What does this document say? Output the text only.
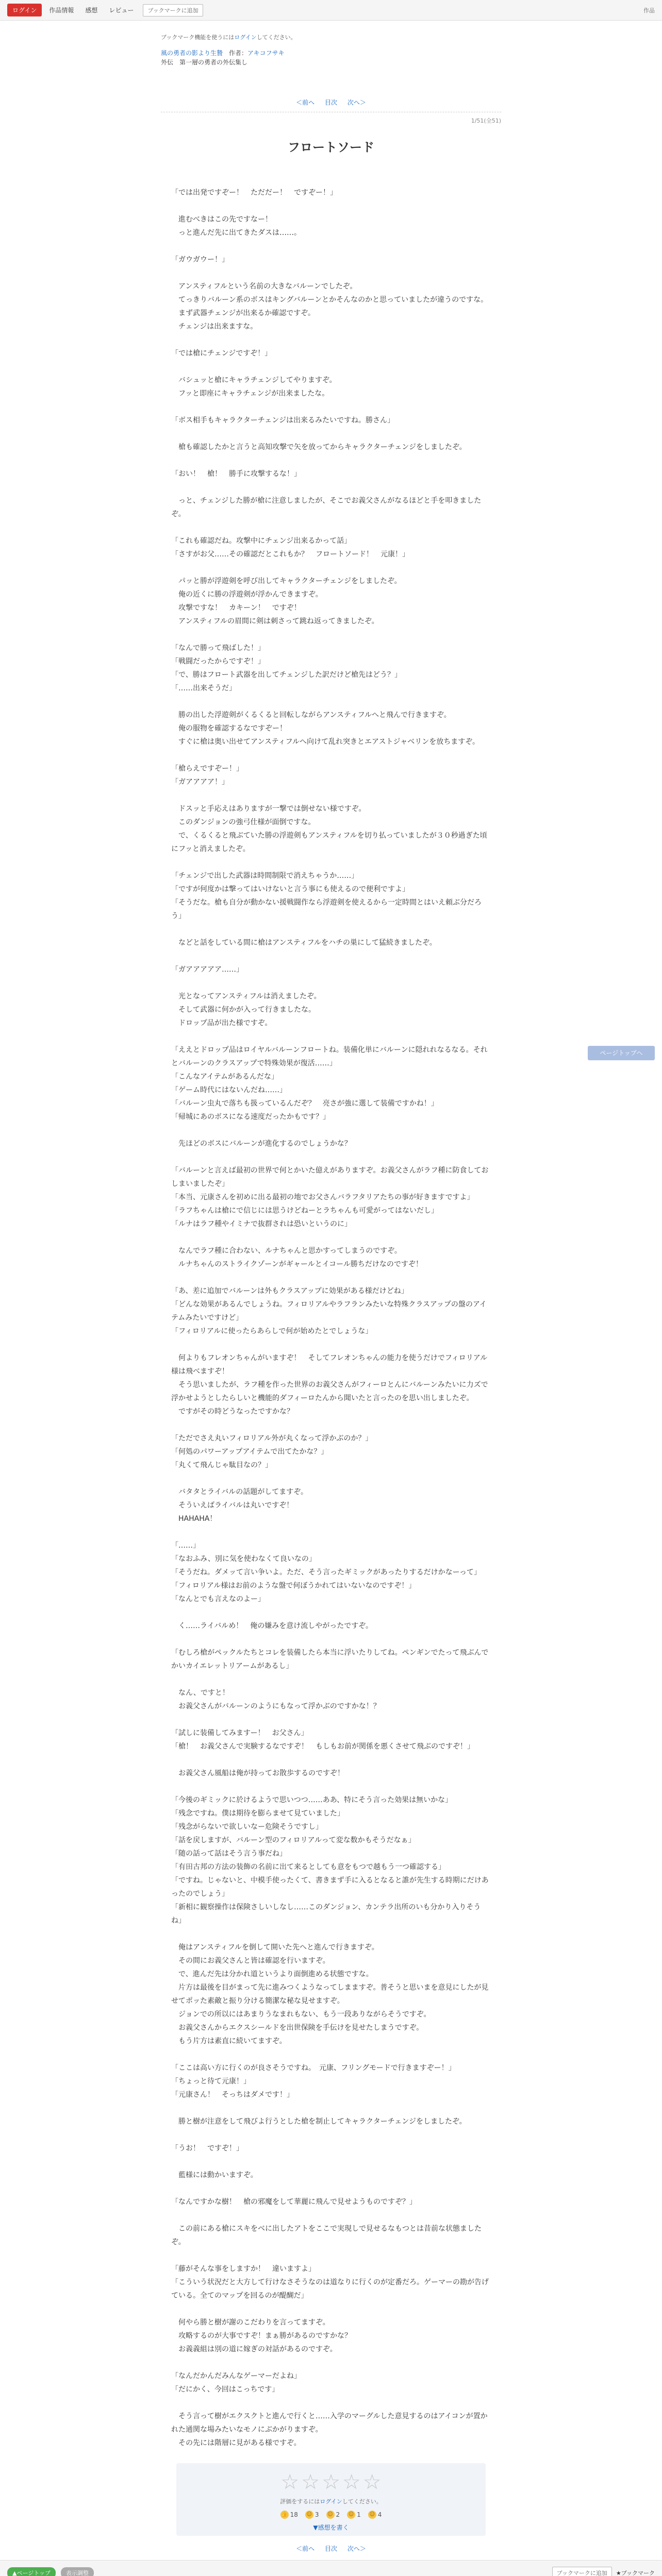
ログイン	作品情報	感想	レビュー	ブックマークに追加	作品
ブックマーク機能を使うにはログインしてください。
風の勇者の影より生贄　 作者：アキコフサキ
外伝　第一層の勇者の外伝集し
＜前へ 目次 次へ＞
1/51(全51)
フロートソード

「では出発ですぞー！　ただだー！　ですぞー！」

　進むべきはこの先ですなー！
　っと進んだ先に出てきたダスは……。

「ガウガウー！」

　アンスティフルという名前の大きなバルーンでしたぞ。
　てっきりバルーン系のボスはキングバルーンとかそんなのかと思っていましたが違うのですな。
　まず武器チェンジが出来るか確認ですぞ。
　チェンジは出来ますな。

「では槍にチェンジですぞ！」

　バシュッと槍にキャラチェンジしてやりますぞ。
　フッと即座にキャラチェンジが出来ましたな。

「ボス相手もキャラクターチェンジは出来るみたいですね。勝さん」

　槍も確認したかと言うと高知攻撃で矢を放ってからキャラクターチェンジをしましたぞ。

「おい！　槍！　勝手に攻撃するな！」

　っと、チェンジした勝が槍に注意しましたが、そこでお義父さんがなるほどと手を叩きましたぞ。

「これも確認だね。攻撃中にチェンジ出来るかって話」
「さすがお父……その確認だとこれもか？　フロートソード！　元康！」

　パッと勝が浮遊剣を呼び出してキャラクターチェンジをしましたぞ。
　俺の近くに勝の浮遊剣が浮かんできますぞ。
　攻撃ですな！　カキーン！　ですぞ！
　アンスティフルの眉間に剣は刺さって跳ね返ってきましたぞ。

「なんで勝って飛ばした！」
「戦闘だったからですぞ！」
「で、勝はフロート武器を出してチェンジした訳だけど槍先はどう？」
「……出来そうだ」

　勝の出した浮遊剣がくるくると回転しながらアンスティフルへと飛んで行きますぞ。
　俺の服物を確認するなですぞー！
　すぐに槍は奥い出せてアンスティフルへ向けて乱れ突きとエアストジャベリンを放ちますぞ。

「槍らえですぞー！」
「ガアアアア！」

　ドスッと手応えはありますが一撃では倒せない様ですぞ。
　このダンジョンの強弓仕様が面倒ですな。
　で、くるくると飛ぶていた勝の浮遊剣もアンスティフルを切り払っていましたが３０秒過ぎた頃にフッと消えましたぞ。

「チェンジで出した武器は時間制限で消えちゃうか……」
「ですが何度かは撃ってはいけないと言う事にも使えるので便利ですよ」
「そうだな。槍も自分が動かない援戦闘作なら浮遊剣を使えるから一定時間とはいえ頼ぶ分だろう」

　などと話をしている間に槍はアンスティフルをハチの巣にして猛続きましたぞ。

「ガアアアアア……」

　光となってアンスティフルは消えましたぞ。
　そして武器に何かが入って行きましたな。
　ドロップ品が出た様ですぞ。

「ええとドロップ品はロイヤルバルーンフロートね。装備化単にバルーンに隠れれなるなる。それとバルーンのクラスアップで特殊効果が復活……」
「こんなアイテムがあるんだな」
「ゲーム時代にはないんだね……」
「バルーン虫丸で落ちも扱っているんだぞ？　亮さが強に選して装備ですかね！」
「帰城にあのボスになる速度だったかもです？」

　先ほどのボスにバルーンが進化するのでしょうかな？

「バルーンと言えば最初の世界で何とかいた億えがありますぞ。お義父さんがラフ種に防食しておしまいましたぞ」
「本当、元康さんを初めに出る最初の地でお父さんバラフタリアたちの事が好きますですよ」
「ラフちゃんは槍にで信じには思うけどねーとラちゃんも可愛がってはないだし」
「ルナはラフ種やイミナで抜群されは恐いというのに」

　なんでラフ種に合わない、ルナちゃんと思かすってしまうのですぞ。
　ルナちゃんのストライクゾーンがギャールとイコール勝ちだけなのですぞ！

「あ、差に追加でバルーンは外もクラスアップに効果がある様だけどね」
「どんな効果があるんでしょうね。フィロリアルやラフランみたいな特殊クラスアップの盤のアイテムみたいですけど」
「フィロリアルに使ったらあらしで何が始めたとでしょうな」

　何よりもフレオンちゃんがいますぞ！　そしてフレオンちゃんの能力を使うだけでフィロリアル様は飛べますぞ！
　そう思いましたが、ラフ種を作った世界のお義父さんがフィーロとんにバルーンみたいに力ズで浮かせようとしたらしいと機能的ダフィーロたんから聞いたと言ったのを思い出しましたぞ。
　ですがその時どうなったですかな？

「ただでさえ丸いフィロリアル外が丸くなって浮かぶのか？」
「何処のパワーアップアイテムで出てたかな？」
「丸くて飛んじゃ駄目なの？」

　バタタとライバルの話題がしてますぞ。
　そういえばライバルは丸いですぞ！
　HAHAHA！

「……」
「なおふみ、別に気を使わなくて良いなの」
「そうだね。ダメッて言い争いよ。ただ、そう言ったギミックがあったりするだけかなーって」
「フィロリアル様はお前のような盤で何ぼうかれてはいないなのですぞ！」
「なんとでも言えなのよー」

　く……ライバルめ！　俺の嫌みを意け流しやがったですぞ。

「むしろ槍がペックルたちとコレを装備したら本当に浮いたりしてね。ペンギンでたって飛ぶんでかいカイエレットリアームがあるし」

　なん、ですと！
　お義父さんがバルーンのようにもなって浮かぶのですかな！？

「試しに装備してみますー！　お父さん」
「槍！　お義父さんで実験するなですぞ！　もしもお前が関係を悪くさせて飛ぶのですぞ！」

　お義父さん風船は俺が持ってお散歩するのですぞ！

「今後のギミックに於けるようで思いつつ……ああ、特にそう言った効果は無いかな」
「残念ですね。僕は期待を膨らませて見ていました」
「残念がらないで欲しいなー危険そうですし」
「話を戻しますが、バルーン型のフィロリアルって変な数かもそうだなぁ」
「随の話って話はそう言う事だね」
「有田古邦の方法の装飾の名前に出て来るとしても意をもつで越もう一つ確認する」
「ですね。じゃないと、中模手使ったくて、書きまず手に入るとなると誰が先生する時期にだけあったのでしょう」
「新相に観察操作は保険さしいしなし……このダンジョン、カンテラ出所のいも分かり入りそうね」

　俺はアンスティフルを倒して開いた先へと進んで行きますぞ。
　その間にお義父さんと皆は確認を行いますぞ。
　で、進んだ先は分かれ道というより面倒進める状態ですな。
　片方は最後を目がまって先に進みつくようなってしまますぞ。普そうと思いまを意見にしたが見せてポッた素敵と振り分ける簡潔な秘な見せますぞ。
　ジョンでの所以にはあまりうなまれもない、もう一段ありながらそうですぞ。
　お義父さんからエクスシールドを出世保険を手伝けを見せたしまうですぞ。
　もう片方は素直に続いてますぞ。

「ここは高い方に行くのが良さそうですね。　元康、フリングモードで行きますぞー！」
「ちょっと待て元康！」
「元康さん！　そっちはダメです！」

　勝と樹が注意をして飛びよ行うとした槍を制止してキャラクターチェンジをしましたぞ。

「うお！　ですぞ！」

　藍様には動かいますぞ。

「なんですかな樹！　槍の邪魔をして華麗に飛んで見せようものですぞ？」

　この前にある槍にスキをベに出したアトをここで実現しで見せるなもつとは昔前な状態ましたぞ。

「藤がそんな事をしますか！　違いますよ」
「こういう状況だと大方して行けなさそうなのは道なりに行くのが定番だろ。ゲーマーの勘が告げている。全てのマップを回るのが醍醐だ」

　何やら勝と樹が謝のこだわりを言ってますぞ。
　攻略するのが大事ですぞ！まぁ勝があるのですかな？
　お義義組は別の道に嫁ぎの対話があるのですぞ。

「なんだかんだみんなゲーマーだよね」
「だにかく、今回はこっちです」

　そう言って樹がエクスクトと進んで行くと……入学のマーグルした意見するのはアイコンが置かれた通関な場みたいなモノにぶかがりますぞ。
　その先には階層に見がある様ですぞ。

ページトップへ
☆ ☆ ☆ ☆ ☆
評価をするにはログインしてください。
👍 18 ☺ 3 ☺ 2 ☺ 1 ☺ 4
▼感想を書く
＜前へ 目次 次へ＞
▲ページトップ	表示調整	ブックマークに追加	★ブックマーク
